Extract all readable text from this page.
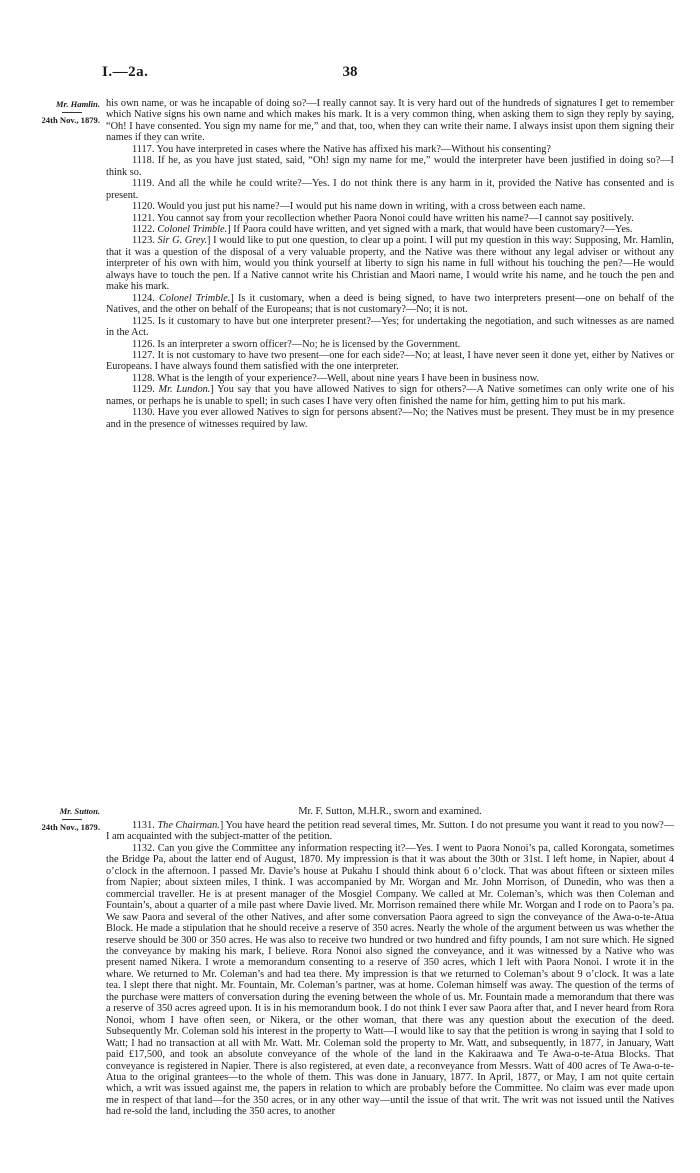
I.—2a.	38
Mr. Hamlin.
24th Nov., 1879.

his own name, or was he incapable of doing so?—I really cannot say. It is very hard out of the hundreds of signatures I get to remember which Native signs his own name and which makes his mark. It is a very common thing, when asking them to sign they reply by saying, “Oh! I have consented. You sign my name for me,” and that, too, when they can write their name. I always insist upon them signing their names if they can write.

1117. You have interpreted in cases where the Native has affixed his mark?—Without his consenting?

1118. If he, as you have just stated, said, “Oh! sign my name for me,” would the interpreter have been justified in doing so?—I think so.

1119. And all the while he could write?—Yes. I do not think there is any harm in it, provided the Native has consented and is present.

1120. Would you just put his name?—I would put his name down in writing, with a cross between each name.

1121. You cannot say from your recollection whether Paora Nonoi could have written his name?—I cannot say positively.

1122. Colonel Trimble.] If Paora could have written, and yet signed with a mark, that would have been customary?—Yes.

1123. Sir G. Grey.] I would like to put one question, to clear up a point. I will put my question in this way: Supposing, Mr. Hamlin, that it was a question of the disposal of a very valuable property, and the Native was there without any legal adviser or without any interpreter of his own with him, would you think yourself at liberty to sign his name in full without his touching the pen?—He would always have to touch the pen. If a Native cannot write his Christian and Maori name, I would write his name, and he touch the pen and make his mark.

1124. Colonel Trimble.] Is it customary, when a deed is being signed, to have two interpreters present—one on behalf of the Natives, and the other on behalf of the Europeans; that is not customary?—No; it is not.

1125. Is it customary to have but one interpreter present?—Yes; for undertaking the negotiation, and such witnesses as are named in the Act.

1126. Is an interpreter a sworn officer?—No; he is licensed by the Government.

1127. It is not customary to have two present—one for each side?—No; at least, I have never seen it done yet, either by Natives or Europeans. I have always found them satisfied with the one interpreter.

1128. What is the length of your experience?—Well, about nine years I have been in business now.

1129. Mr. Lundon.] You say that you have allowed Natives to sign for others?—A Native sometimes can only write one of his names, or perhaps he is unable to spell; in such cases I have very often finished the name for him, getting him to put his mark.

1130. Have you ever allowed Natives to sign for persons absent?—No; the Natives must be present. They must be in my presence and in the presence of witnesses required by law.

Mr. Sutton.
24th Nov., 1879.
Mr. F. Sutton, M.H.R., sworn and examined.

1131. The Chairman.] You have heard the petition read several times, Mr. Sutton. I do not presume you want it read to you now?—I am acquainted with the subject-matter of the petition.

1132. Can you give the Committee any information respecting it?—Yes. I went to Paora Nonoi’s pa, called Korongata, sometimes the Bridge Pa, about the latter end of August, 1870. My impression is that it was about the 30th or 31st. I left home, in Napier, about 4 o’clock in the afternoon. I passed Mr. Davie’s house at Pukahu I should think about 6 o’clock. That was about fifteen or sixteen miles from Napier; about sixteen miles, I think. I was accompanied by Mr. Worgan and Mr. John Morrison, of Dunedin, who was then a commercial traveller. He is at present manager of the Mosgiel Company. We called at Mr. Coleman’s, which was then Coleman and Fountain’s, about a quarter of a mile past where Davie lived. Mr. Morrison remained there while Mr. Worgan and I rode on to Paora’s pa. We saw Paora and several of the other Natives, and after some conversation Paora agreed to sign the conveyance of the Awa-o-te-Atua Block. He made a stipulation that he should receive a reserve of 350 acres. Nearly the whole of the argument between us was whether the reserve should be 300 or 350 acres. He was also to receive two hundred or two hundred and fifty pounds, I am not sure which. He signed the conveyance by making his mark, I believe. Rora Nonoi also signed the conveyance, and it was witnessed by a Native who was present named Nikera. I wrote a memorandum consenting to a reserve of 350 acres, which I left with Paora Nonoi. I wrote it in the whare. We returned to Mr. Coleman’s and had tea there. My impression is that we returned to Coleman’s about 9 o’clock. It was a late tea. I slept there that night. Mr. Fountain, Mr. Coleman’s partner, was at home. Coleman himself was away. The question of the terms of the purchase were matters of conversation during the evening between the whole of us. Mr. Fountain made a memorandum that there was a reserve of 350 acres agreed upon. It is in his memorandum book. I do not think I ever saw Paora after that, and I never heard from Rora Nonoi, whom I have often seen, or Nikera, or the other woman, that there was any question about the execution of the deed. Subsequently Mr. Coleman sold his interest in the property to Watt—I would like to say that the petition is wrong in saying that I sold to Watt; I had no transaction at all with Mr. Watt. Mr. Coleman sold the property to Mr. Watt, and subsequently, in 1877, in January, Watt paid £17,500, and took an absolute conveyance of the whole of the land in the Kakiraawa and Te Awa-o-te-Atua Blocks. That conveyance is registered in Napier. There is also registered, at even date, a reconveyance from Messrs. Watt of 400 acres of Te Awa-o-te-Atua to the original grantees—to the whole of them. This was done in January, 1877. In April, 1877, or May, I am not quite certain which, a writ was issued against me, the papers in relation to which are probably before the Committee. No claim was ever made upon me in respect of that land—for the 350 acres, or in any other way—until the issue of that writ. The writ was not issued until the Natives had re-sold the land, including the 350 acres, to another
